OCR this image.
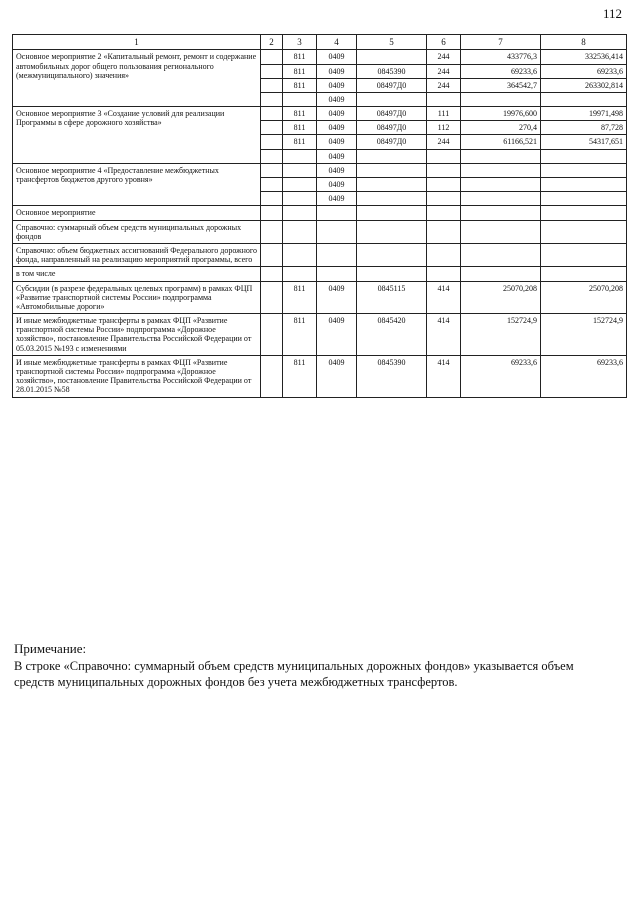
112
1	2	3	4	5	6	7	8
Основное мероприятие 2 «Капитальный ремонт, ремонт и содержание автомобильных дорог общего пользования регионального (межмуниципального) значения»		811	0409		244	433776,3	332536,414
		811	0409	0845390	244	69233,6	69233,6
		811	0409	08497Д0	244	364542,7	263302,814
			0409				
Основное мероприятие 3 «Создание условий для реализации Программы в сфере дорожного хозяйства»		811	0409	08497Д0	111	19976,600	19971,498
		811	0409	08497Д0	112	270,4	87,728
		811	0409	08497Д0	244	61166,521	54317,651
			0409				
Основное мероприятие 4 «Предоставление межбюджетных трансфертов бюджетов другого уровня»			0409				
			0409				
			0409				
Основное мероприятие							
Справочно: суммарный объем средств муниципальных дорожных фондов							
Справочно: объем бюджетных ассигнований Федерального дорожного фонда, направленный на реализацию мероприятий программы, всего							
в том числе							
Субсидии (в разрезе федеральных целевых программ) в рамках ФЦП «Развитие транспортной системы России» подпрограмма «Автомобильные дороги»		811	0409	0845115	414	25070,208	25070,208
И иные межбюджетные трансферты в рамках ФЦП «Развитие транспортной системы России» подпрограмма «Дорожное хозяйство», постановление Правительства Российской Федерации от 05.03.2015 №193 с изменениями		811	0409	0845420	414	152724,9	152724,9
И иные межбюджетные трансферты в рамках ФЦП «Развитие транспортной системы России» подпрограмма «Дорожное хозяйство», постановление Правительства Российской Федерации от 28.01.2015 №58		811	0409	0845390	414	69233,6	69233,6
Примечание:
В строке «Справочно: суммарный объем средств муниципальных дорожных фондов» указывается объем средств муниципальных дорожных фондов без учета межбюджетных трансфертов.
